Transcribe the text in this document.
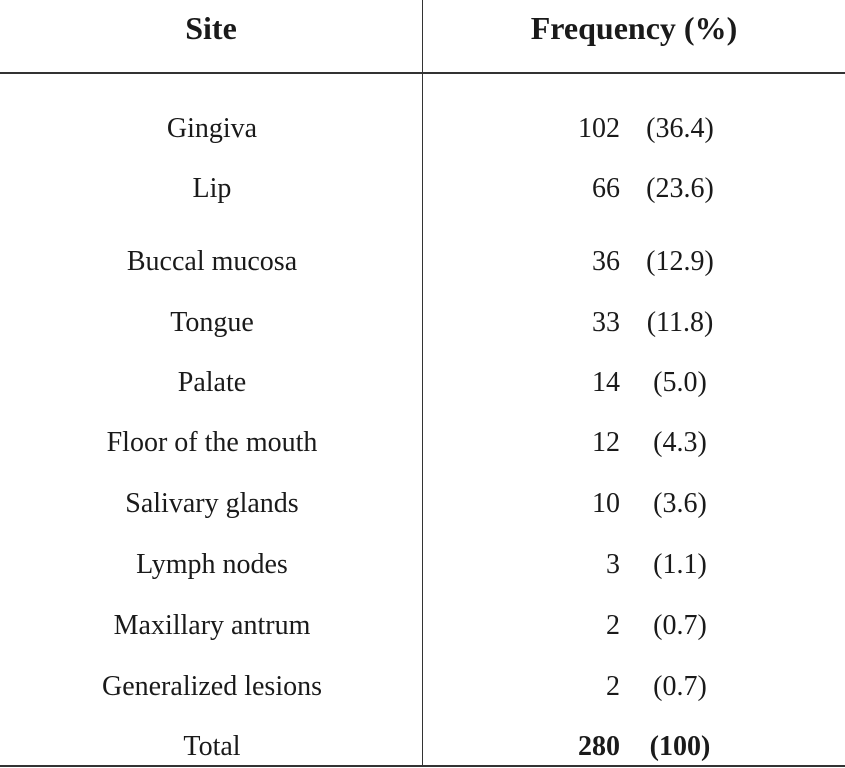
Site	Frequency (%)
Gingiva	102 (36.4)
Lip	66 (23.6)
Buccal mucosa	36 (12.9)
Tongue	33 (11.8)
Palate	14	(5.0)
Floor of the mouth	12	(4.3)
Salivary glands	10	(3.6)
Lymph nodes	3	(1.1)
Maxillary antrum	2	(0.7)
Generalized lesions	2	(0.7)
Total	280	(100)
